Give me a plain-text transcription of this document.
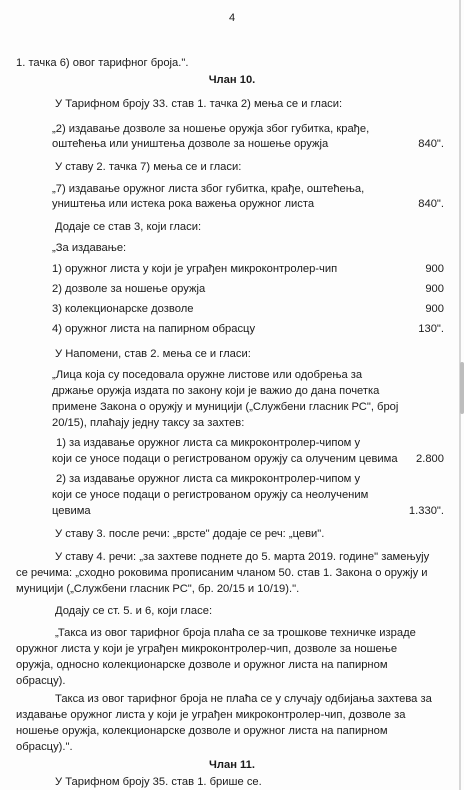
4
1. тачка 6) овог тарифног броја.".
Члан 10.
У Тарифном броју 33. став 1. тачка 2) мења се и гласи:
„2) издавање дозволе за ношење оружја због губитка, крађе,
оштећења или уништења дозволе за ношење оружја	840".
У ставу 2. тачка 7) мења се и гласи:
„7) издавање оружног листа због губитка, крађе, оштећења,
уништења или истека рока важења оружног листа	840".
Додаје се став 3, који гласи:
„За издавање:
1) оружног листа у који је уграђен микроконтролер-чип	900
2) дозволе за ношење оружја	900
3) колекционарске дозволе	900
4) оружног листа на папирном обрасцу	130".
У Напомени, став 2. мења се и гласи:
„Лица која су поседовала оружне листове или одобрења за
држање оружја издата по закону који је важио до дана почетка
примене Закона о оружју и муницији („Службени гласник РС", број
20/15), плаћају једну таксу за захтев:
1) за издавање оружног листа са микроконтролер-чипом у
који се уносе подаци о регистрованом оружју са олученим цевима	2.800
2) за издавање оружног листа са микроконтролер-чипом у
који се уносе подаци о регистрованом оружју са неолученим
цевима	1.330".
У ставу 3. после речи: „врсте" додаје се реч: „цеви".
У ставу 4. речи: „за захтеве поднете до 5. марта 2019. године" замењују
се речима: „сходно роковима прописаним чланом 50. став 1. Закона о оружју и
муницији („Службени гласник РС", бр. 20/15 и 10/19).".
Додају се ст. 5. и 6, који гласе:
„Такса из овог тарифног броја плаћа се за трошкове техничке израде
оружног листа у који је уграђен микроконтролер-чип, дозволе за ношење
оружја, односно колекционарске дозволе и оружног листа на папирном
обрасцу).
Такса из овог тарифног броја не плаћа се у случају одбијања захтева за
издавање оружног листа у који је уграђен микроконтролер-чип, дозволе за
ношење оружја, колекционарске дозволе и оружног листа на папирном
обрасцу).".
Члан 11.
У Тарифном броју 35. став 1. брише се.
